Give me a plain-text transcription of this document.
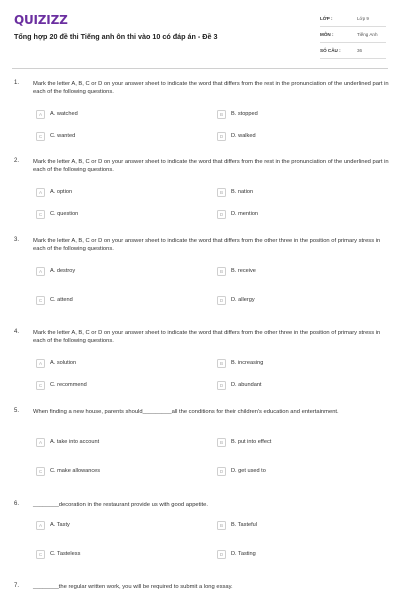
QUIZIZZ
Tổng hợp 20 đề thi Tiếng anh ôn thi vào 10 có đáp án - Đề 3
LỚP :	Lớp 9
MÔN :	Tiếng Anh
SỐ CÂU :	36
1. Mark the letter A, B, C or D on your answer sheet to indicate the word that differs from the rest in the pronunciation of the underlined part in each of the following questions.
A	A. watched	B	B. stopped
C	C. wanted	D	D. walked
2. Mark the letter A, B, C or D on your answer sheet to indicate the word that differs from the rest in the pronunciation of the underlined part in each of the following questions.
A	A. option	B	B. nation
C	C. question	D	D. mention
3. Mark the letter A, B, C or D on your answer sheet to indicate the word that differs from the other three in the position of primary stress in each of the following questions.
A	A. destroy	B	B. receive
C	C. attend	D	D. allergy
4. Mark the letter A, B, C or D on your answer sheet to indicate the word that differs from the other three in the position of primary stress in each of the following questions.
A	A. solution	B	B. increasing
C	C. recommend	D	D. abundant
5. When finding a new house, parents should_________all the conditions for their children's education and entertainment.
A	A. take into account	B	B. put into effect
C	C. make allowances	D	D. get used to
6. ________decoration in the restaurant provide us with good appetite.
A	A. Tasty	B	B. Tasteful
C	C. Tasteless	D	D. Tasting
7. ________the regular written work, you will be required to submit a long essay.
